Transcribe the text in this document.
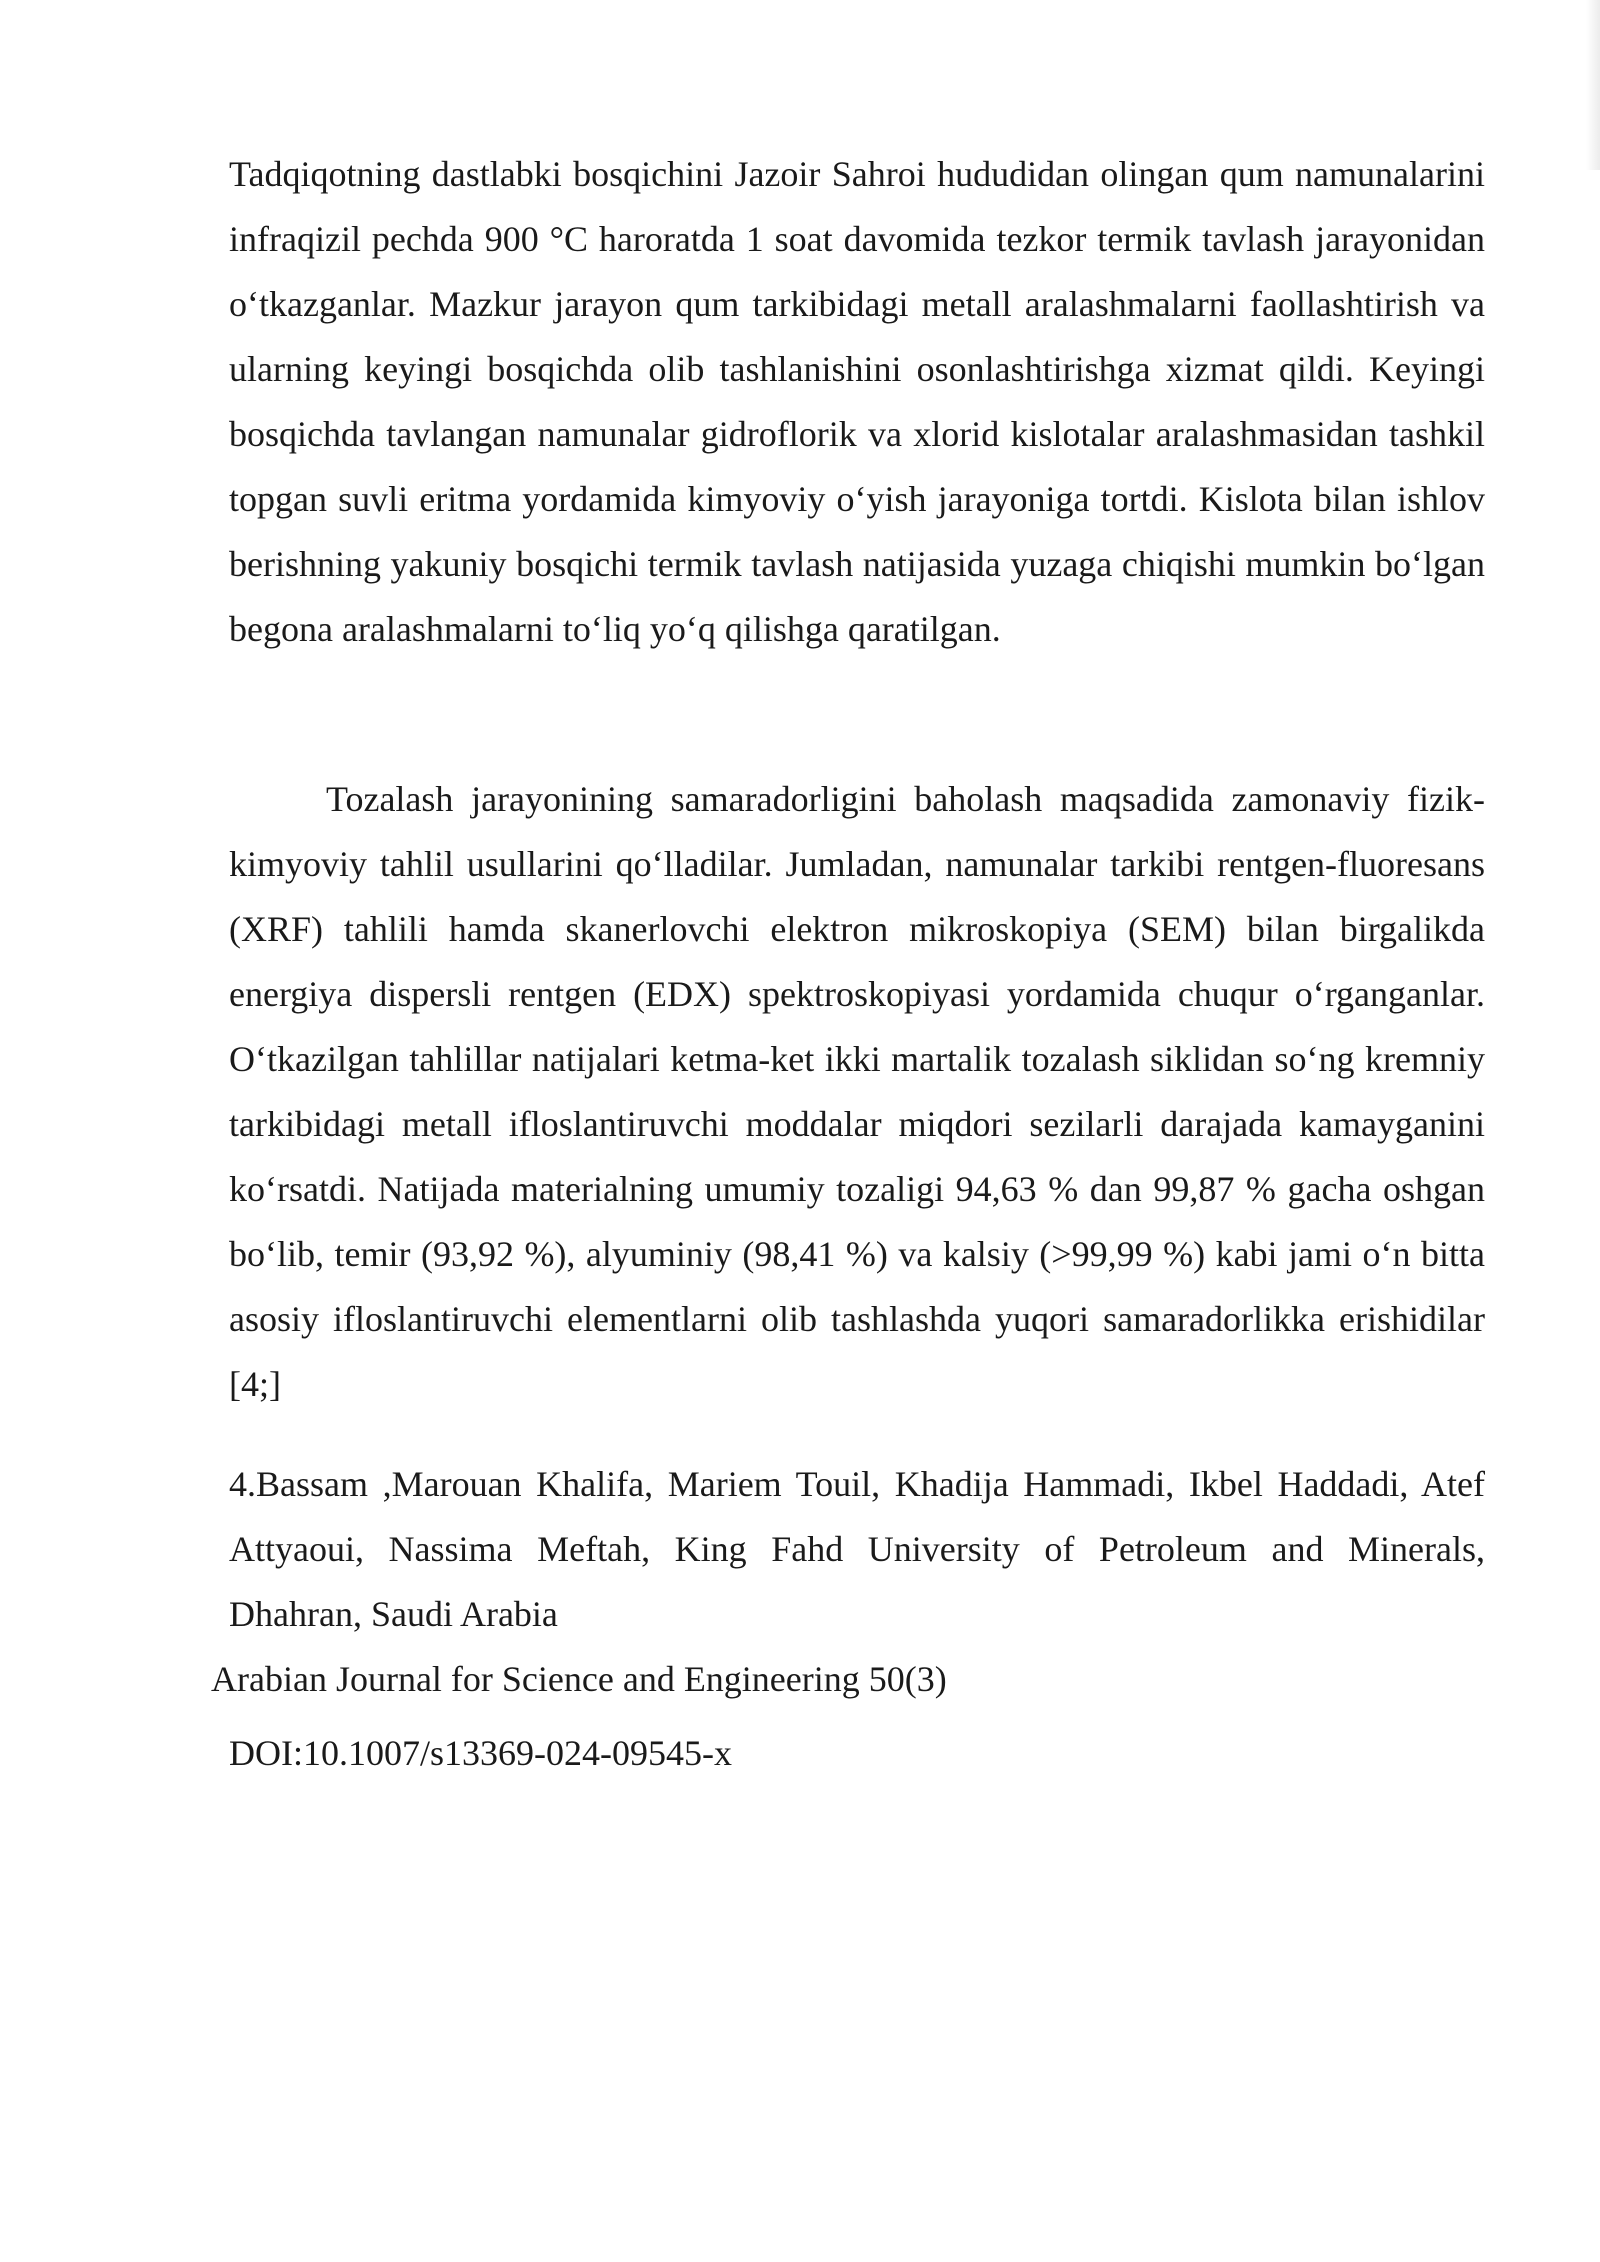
Tadqiqotning dastlabki bosqichini Jazoir Sahroi hududidan olingan qum namunalarini infraqizil pechda 900 °C haroratda 1 soat davomida tezkor termik tavlash jarayonidan o‘tkazganlar. Mazkur jarayon qum tarkibidagi metall aralashmalarni faollashtirish va ularning keyingi bosqichda olib tashlanishini osonlashtirishga xizmat qildi. Keyingi bosqichda tavlangan namunalar gidroflorik va xlorid kislotalar aralashmasidan tashkil topgan suvli eritma yordamida kimyoviy o‘yish jarayoniga tortdi. Kislota bilan ishlov berishning yakuniy bosqichi termik tavlash natijasida yuzaga chiqishi mumkin bo‘lgan begona aralashmalarni to‘liq yo‘q qilishga qaratilgan.

Tozalash jarayonining samaradorligini baholash maqsadida zamonaviy fizik-kimyoviy tahlil usullarini qo‘lladilar. Jumladan, namunalar tarkibi rentgen-fluoresans (XRF) tahlili hamda skanerlovchi elektron mikroskopiya (SEM) bilan birgalikda energiya dispersli rentgen (EDX) spektroskopiyasi yordamida chuqur o‘rganganlar. O‘tkazilgan tahlillar natijalari ketma-ket ikki martalik tozalash siklidan so‘ng kremniy tarkibidagi metall ifloslantiruvchi moddalar miqdori sezilarli darajada kamayganini ko‘rsatdi. Natijada materialning umumiy tozaligi 94,63 % dan 99,87 % gacha oshgan bo‘lib, temir (93,92 %), alyuminiy (98,41 %) va kalsiy (>99,99 %) kabi jami o‘n bitta asosiy ifloslantiruvchi elementlarni olib tashlashda yuqori samaradorlikka erishidilar [4;]

4.Bassam ,Marouan Khalifa, Mariem Touil, Khadija Hammadi, Ikbel Haddadi, Atef Attyaoui, Nassima Meftah, King Fahd University of Petroleum and Minerals, Dhahran, Saudi Arabia

Arabian Journal for Science and Engineering 50(3)

DOI:10.1007/s13369-024-09545-x
